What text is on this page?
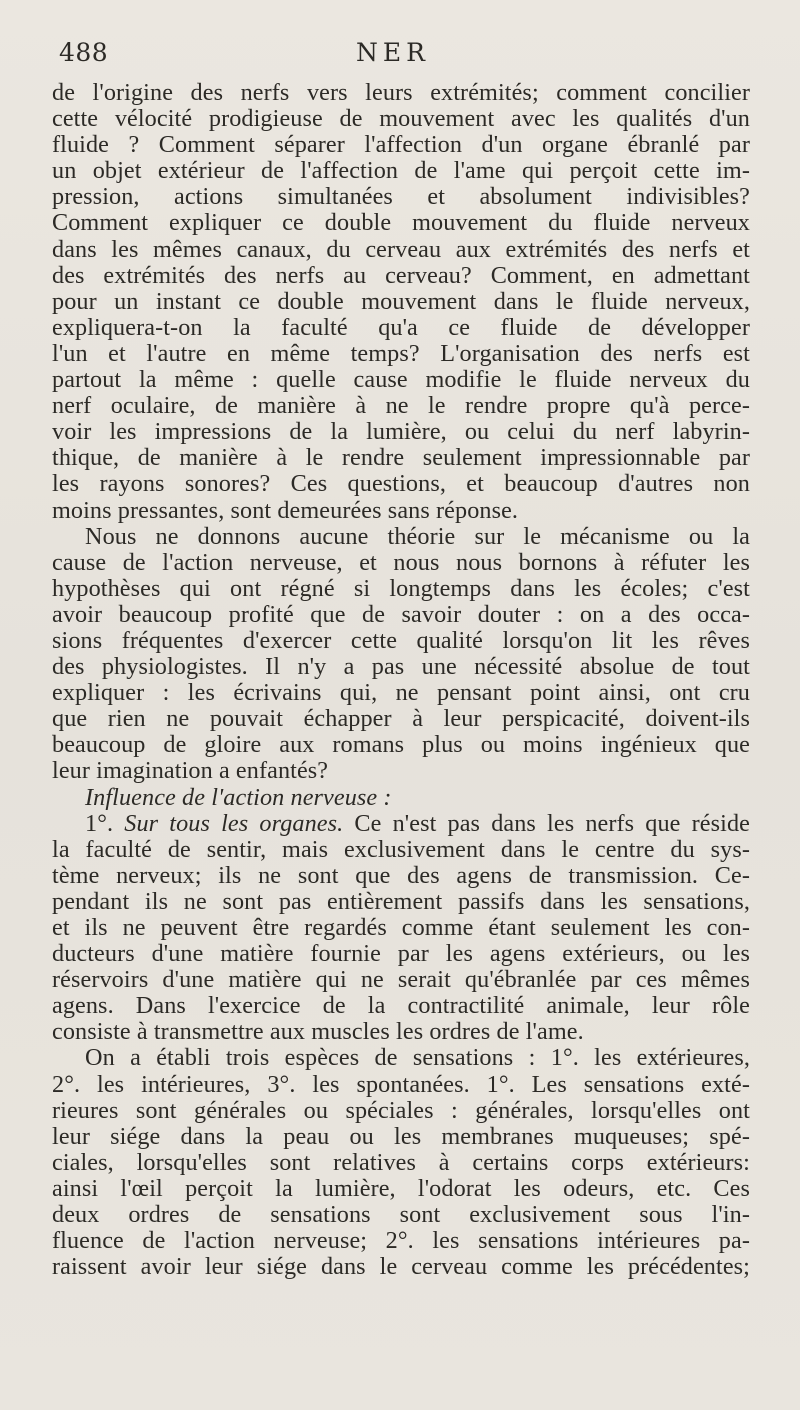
488	NER
de l'origine des nerfs vers leurs extrémités; comment concilier
cette vélocité prodigieuse de mouvement avec les qualités d'un
fluide ? Comment séparer l'affection d'un organe ébranlé par
un objet extérieur de l'affection de l'ame qui perçoit cette im-
pression, actions simultanées et absolument indivisibles?
Comment expliquer ce double mouvement du fluide nerveux
dans les mêmes canaux, du cerveau aux extrémités des nerfs et
des extrémités des nerfs au cerveau? Comment, en admettant
pour un instant ce double mouvement dans le fluide nerveux,
expliquera-t-on la faculté qu'a ce fluide de développer
l'un et l'autre en même temps? L'organisation des nerfs est
partout la même : quelle cause modifie le fluide nerveux du
nerf oculaire, de manière à ne le rendre propre qu'à perce-
voir les impressions de la lumière, ou celui du nerf labyrin-
thique, de manière à le rendre seulement impressionnable par
les rayons sonores? Ces questions, et beaucoup d'autres non
moins pressantes, sont demeurées sans réponse.
Nous ne donnons aucune théorie sur le mécanisme ou la
cause de l'action nerveuse, et nous nous bornons à réfuter les
hypothèses qui ont régné si longtemps dans les écoles; c'est
avoir beaucoup profité que de savoir douter : on a des occa-
sions fréquentes d'exercer cette qualité lorsqu'on lit les rêves
des physiologistes. Il n'y a pas une nécessité absolue de tout
expliquer : les écrivains qui, ne pensant point ainsi, ont cru
que rien ne pouvait échapper à leur perspicacité, doivent-ils
beaucoup de gloire aux romans plus ou moins ingénieux que
leur imagination a enfantés?
Influence de l'action nerveuse :
1°. Sur tous les organes. Ce n'est pas dans les nerfs que réside
la faculté de sentir, mais exclusivement dans le centre du sys-
tème nerveux; ils ne sont que des agens de transmission. Ce-
pendant ils ne sont pas entièrement passifs dans les sensations,
et ils ne peuvent être regardés comme étant seulement les con-
ducteurs d'une matière fournie par les agens extérieurs, ou les
réservoirs d'une matière qui ne serait qu'ébranlée par ces mêmes
agens. Dans l'exercice de la contractilité animale, leur rôle
consiste à transmettre aux muscles les ordres de l'ame.
On a établi trois espèces de sensations : 1°. les extérieures,
2°. les intérieures, 3°. les spontanées. 1°. Les sensations exté-
rieures sont générales ou spéciales : générales, lorsqu'elles ont
leur siége dans la peau ou les membranes muqueuses; spé-
ciales, lorsqu'elles sont relatives à certains corps extérieurs:
ainsi l'œil perçoit la lumière, l'odorat les odeurs, etc. Ces
deux ordres de sensations sont exclusivement sous l'in-
fluence de l'action nerveuse; 2°. les sensations intérieures pa-
raissent avoir leur siége dans le cerveau comme les précédentes;
